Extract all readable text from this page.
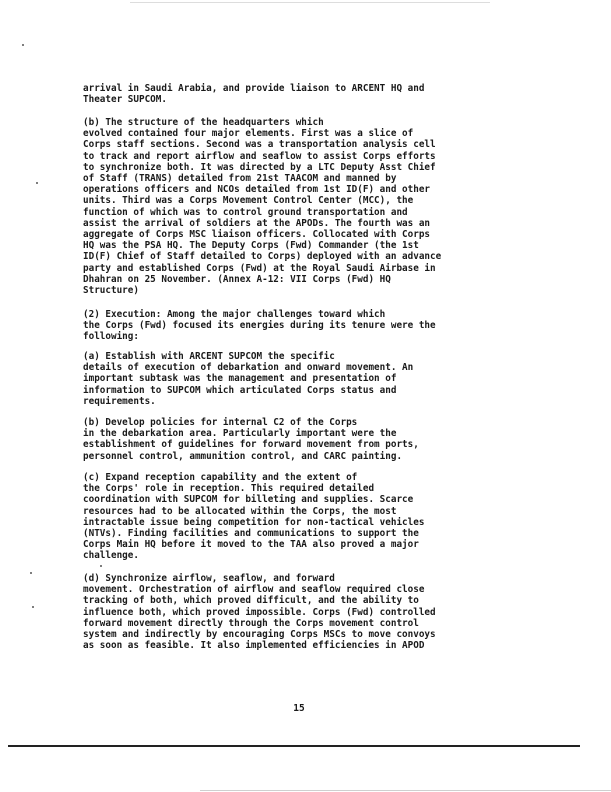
arrival in Saudi Arabia, and provide liaison to ARCENT HQ and
Theater SUPCOM.
(b) The structure of the headquarters which
evolved contained four major elements. First was a slice of
Corps staff sections. Second was a transportation analysis cell
to track and report airflow and seaflow to assist Corps efforts
to synchronize both. It was directed by a LTC Deputy Asst Chief
of Staff (TRANS) detailed from 21st TAACOM and manned by
operations officers and NCOs detailed from 1st ID(F) and other
units. Third was a Corps Movement Control Center (MCC), the
function of which was to control ground transportation and
assist the arrival of soldiers at the APODs. The fourth was an
aggregate of Corps MSC liaison officers. Collocated with Corps
HQ was the PSA HQ. The Deputy Corps (Fwd) Commander (the 1st
ID(F) Chief of Staff detailed to Corps) deployed with an advance
party and established Corps (Fwd) at the Royal Saudi Airbase in
Dhahran on 25 November. (Annex A-12: VII Corps (Fwd) HQ
Structure)
(2) Execution: Among the major challenges toward which
the Corps (Fwd) focused its energies during its tenure were the
following:
(a) Establish with ARCENT SUPCOM the specific
details of execution of debarkation and onward movement. An
important subtask was the management and presentation of
information to SUPCOM which articulated Corps status and
requirements.
(b) Develop policies for internal C2 of the Corps
in the debarkation area. Particularly important were the
establishment of guidelines for forward movement from ports,
personnel control, ammunition control, and CARC painting.
(c) Expand reception capability and the extent of
the Corps' role in reception. This required detailed
coordination with SUPCOM for billeting and supplies. Scarce
resources had to be allocated within the Corps, the most
intractable issue being competition for non-tactical vehicles
(NTVs). Finding facilities and communications to support the
Corps Main HQ before it moved to the TAA also proved a major
challenge.
(d) Synchronize airflow, seaflow, and forward
movement. Orchestration of airflow and seaflow required close
tracking of both, which proved difficult, and the ability to
influence both, which proved impossible. Corps (Fwd) controlled
forward movement directly through the Corps movement control
system and indirectly by encouraging Corps MSCs to move convoys
as soon as feasible. It also implemented efficiencies in APOD
15
